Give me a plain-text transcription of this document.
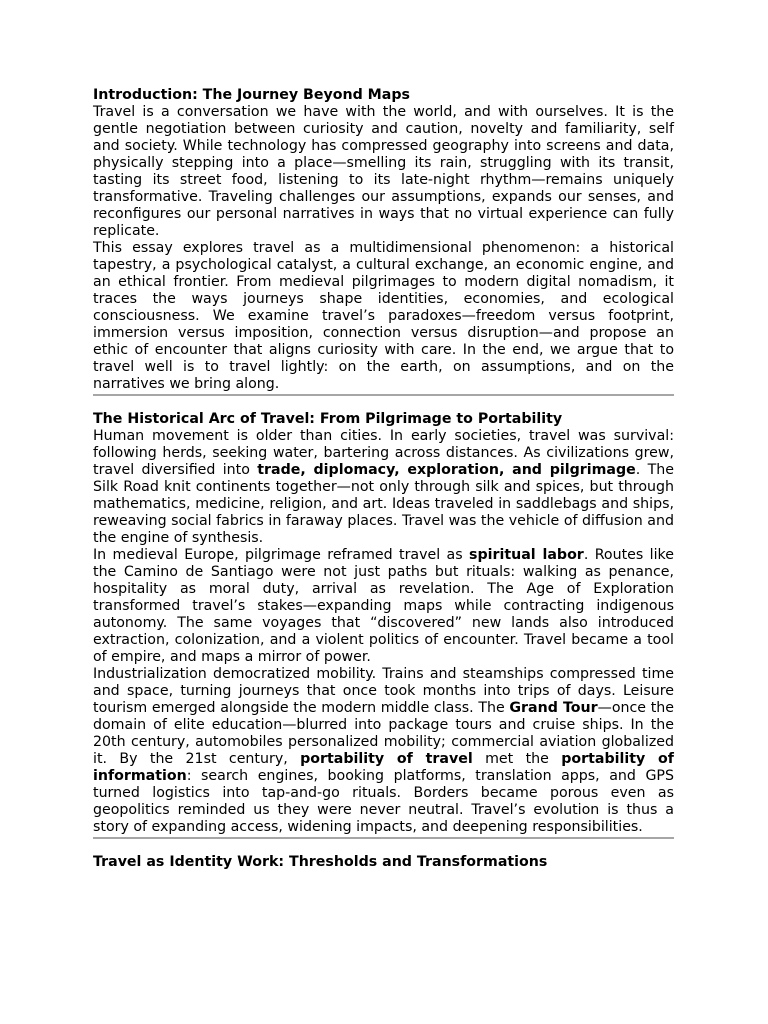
Introduction: The Journey Beyond Maps

Travel is a conversation we have with the world, and with ourselves. It is the gentle negotiation between curiosity and caution, novelty and familiarity, self and society. While technology has compressed geography into screens and data, physically stepping into a place—smelling its rain, struggling with its transit, tasting its street food, listening to its late-night rhythm—remains uniquely transformative. Traveling challenges our assumptions, expands our senses, and reconfigures our personal narratives in ways that no virtual experience can fully replicate.

This essay explores travel as a multidimensional phenomenon: a historical tapestry, a psychological catalyst, a cultural exchange, an economic engine, and an ethical frontier. From medieval pilgrimages to modern digital nomadism, it traces the ways journeys shape identities, economies, and ecological consciousness. We examine travel’s paradoxes—freedom versus footprint, immersion versus imposition, connection versus disruption—and propose an ethic of encounter that aligns curiosity with care. In the end, we argue that to travel well is to travel lightly: on the earth, on assumptions, and on the narratives we bring along.

The Historical Arc of Travel: From Pilgrimage to Portability

Human movement is older than cities. In early societies, travel was survival: following herds, seeking water, bartering across distances. As civilizations grew, travel diversified into trade, diplomacy, exploration, and pilgrimage. The Silk Road knit continents together—not only through silk and spices, but through mathematics, medicine, religion, and art. Ideas traveled in saddlebags and ships, reweaving social fabrics in faraway places. Travel was the vehicle of diffusion and the engine of synthesis.

In medieval Europe, pilgrimage reframed travel as spiritual labor. Routes like the Camino de Santiago were not just paths but rituals: walking as penance, hospitality as moral duty, arrival as revelation. The Age of Exploration transformed travel’s stakes—expanding maps while contracting indigenous autonomy. The same voyages that “discovered” new lands also introduced extraction, colonization, and a violent politics of encounter. Travel became a tool of empire, and maps a mirror of power.

Industrialization democratized mobility. Trains and steamships compressed time and space, turning journeys that once took months into trips of days. Leisure tourism emerged alongside the modern middle class. The Grand Tour—once the domain of elite education—blurred into package tours and cruise ships. In the 20th century, automobiles personalized mobility; commercial aviation globalized it. By the 21st century, portability of travel met the portability of information: search engines, booking platforms, translation apps, and GPS turned logistics into tap-and-go rituals. Borders became porous even as geopolitics reminded us they were never neutral. Travel’s evolution is thus a story of expanding access, widening impacts, and deepening responsibilities.

Travel as Identity Work: Thresholds and Transformations
